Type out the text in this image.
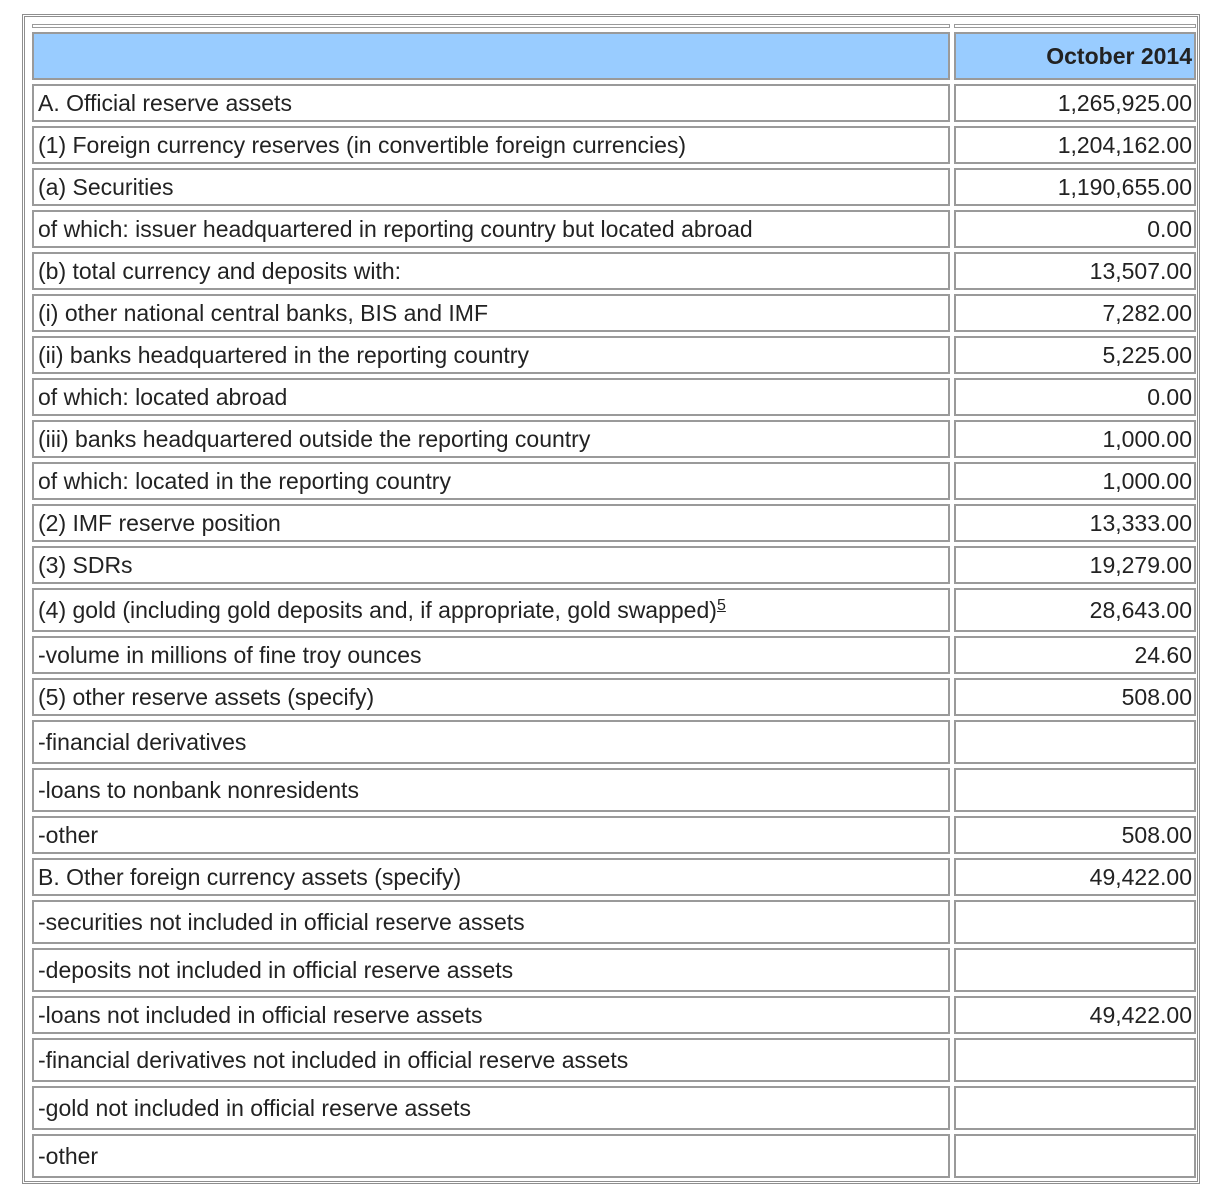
	October 2014
A. Official reserve assets	1,265,925.00
(1) Foreign currency reserves (in convertible foreign currencies)	1,204,162.00
(a) Securities	1,190,655.00
of which: issuer headquartered in reporting country but located abroad	0.00
(b) total currency and deposits with:	13,507.00
(i) other national central banks, BIS and IMF	7,282.00
(ii) banks headquartered in the reporting country	5,225.00
of which: located abroad	0.00
(iii) banks headquartered outside the reporting country	1,000.00
of which: located in the reporting country	1,000.00
(2) IMF reserve position	13,333.00
(3) SDRs	19,279.00
(4) gold (including gold deposits and, if appropriate, gold swapped)$^5$	28,643.00
-volume in millions of fine troy ounces	24.60
(5) other reserve assets (specify)	508.00
-financial derivatives	
-loans to nonbank nonresidents	
-other	508.00
B. Other foreign currency assets (specify)	49,422.00
-securities not included in official reserve assets	
-deposits not included in official reserve assets	
-loans not included in official reserve assets	49,422.00
-financial derivatives not included in official reserve assets	
-gold not included in official reserve assets	
-other	
